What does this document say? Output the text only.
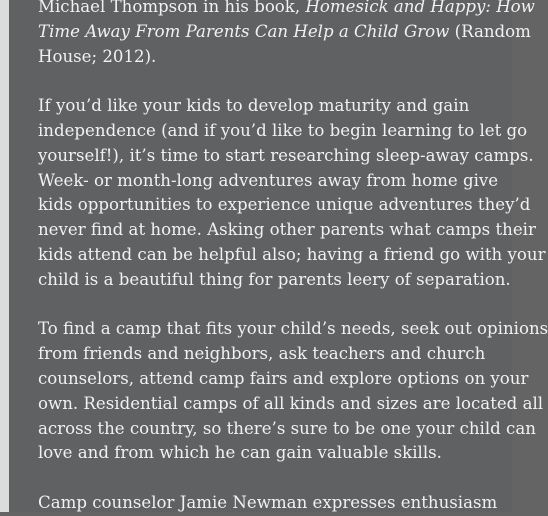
Michael Thompson in his book, Homesick and Happy: How
Time Away From Parents Can Help a Child Grow (Random
House; 2012).

If you’d like your kids to develop maturity and gain
independence (and if you’d like to begin learning to let go
yourself!), it’s time to start researching sleep-away camps.
Week- or month-long adventures away from home give
kids opportunities to experience unique adventures they’d
never find at home. Asking other parents what camps their
kids attend can be helpful also; having a friend go with your
child is a beautiful thing for parents leery of separation.

To find a camp that fits your child’s needs, seek out opinions
from friends and neighbors, ask teachers and church
counselors, attend camp fairs and explore options on your
own. Residential camps of all kinds and sizes are located all
across the country, so there’s sure to be one your child can
love and from which he can gain valuable skills.

Camp counselor Jamie Newman expresses enthusiasm
